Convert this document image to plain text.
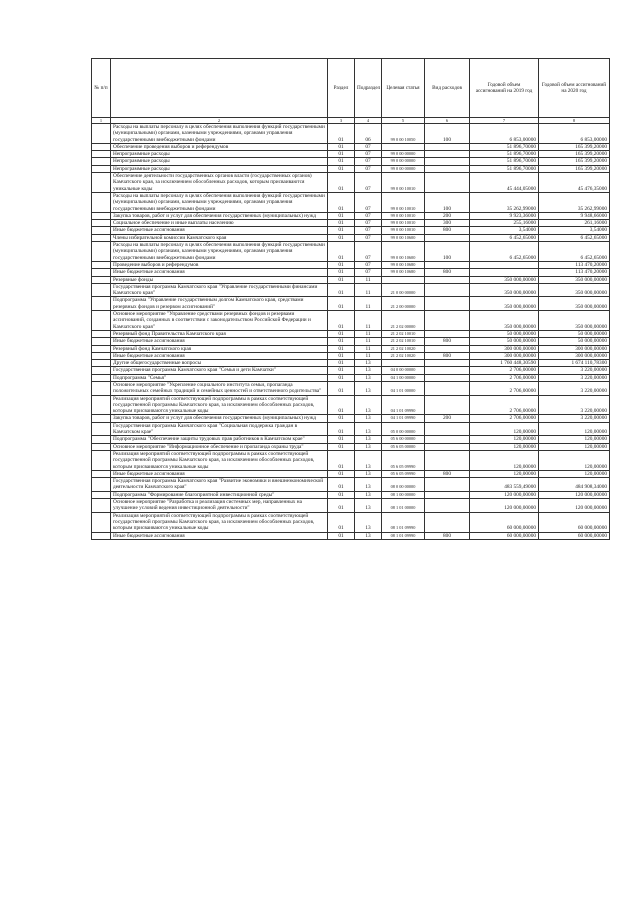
№ п/п		Раздел	Подраздел	Целевая статья	Вид расходов	Годовой объем ассигнований на 2019 год	Годовой объем ассигнований на 2020 год
1	2	3	4	5	6	7	8
	Расходы на выплаты персоналу в целях обеспечения выполнения функций государственными (муниципальными) органами, казенными учреждениями, органами управления государственными внебюджетными фондами	01	06	99 0 00 10050	100	6 853,00000	6 853,00000
	Обеспечение проведения выборов и референдумов	01	07			51 896,70000	165 399,20000
	Непрограммные расходы	01	07	99 0 00 00000		51 896,70000	165 399,20000
	Непрограммные расходы	01	07	99 0 00 00000		51 896,70000	165 399,20000
	Непрограммные расходы	01	07	99 0 00 00000		51 896,70000	165 399,20000
	Обеспечение деятельности государственных органов власти (государственных органов) Камчатского края, за исключением обособленных расходов, которым присваиваются уникальные коды	01	07	99 0 00 10010		45 444,05000	45 476,35000
	Расходы на выплаты персоналу в целях обеспечения выполнения функций государственными (муниципальными) органами, казенными учреждениями, органами управления государственными внебюджетными фондами	01	07	99 0 00 10010	100	35 262,99000	35 262,99000
	Закупка товаров, работ и услуг для обеспечения государственных (муниципальных) нужд	01	07	99 0 00 10010	200	9 923,36000	9 948,66000
	Социальное обеспечение и иные выплаты населению	01	07	99 0 00 10010	300	255,16000	261,16000
	Иные бюджетные ассигнования	01	07	99 0 00 10010	800	3,54000	3,54000
	Члены избирательной комиссии Камчатского края	01	07	99 0 00 10600		6 452,65000	6 452,65000
	Расходы на выплаты персоналу в целях обеспечения выполнения функций государственными (муниципальными) органами, казенными учреждениями, органами управления государственными внебюджетными фондами	01	07	99 0 00 10600	100	6 452,65000	6 452,65000
	Проведение выборов и референдумов	01	07	99 0 00 10680			113 470,20000
	Иные бюджетные ассигнования	01	07	99 0 00 10680	800		113 470,20000
	Резервные фонды	01	11			350 000,00000	350 000,00000
	Государственная программа Камчатского края "Управление государственными финансами Камчатского края"	01	11	21 0 00 00000		350 000,00000	350 000,00000
	Подпрограмма "Управление государственным долгом Камчатского края, средствами резервных фондов и резервом ассигнований"	01	11	21 2 00 00000		350 000,00000	350 000,00000
	Основное мероприятие "Управление средствами резервных фондов и резервами ассигнований, созданных в соответствии с законодательством Российской Федерации и Камчатского края"	01	11	21 2 02 00000		350 000,00000	350 000,00000
	Резервный фонд Правительства Камчатского края	01	11	21 2 02 10010		50 000,00000	50 000,00000
	Иные бюджетные ассигнования	01	11	21 2 02 10010	800	50 000,00000	50 000,00000
	Резервный фонд Камчатского края	01	11	21 2 02 10020		300 000,00000	300 000,00000
	Иные бюджетные ассигнования	01	11	21 2 02 10020	800	300 000,00000	300 000,00000
	Другие общегосударственные вопросы	01	13			1 760 448,30590	1 674 110,78300
	Государственная программа Камчатского края "Семья и дети Камчатки"	01	13	04 0 00 00000		2 706,00000	3 220,00000
	Подпрограмма "Семья"	01	13	04 1 00 00000		2 706,00000	3 220,00000
	Основное мероприятие "Укрепление социального института семьи, пропаганда положительных семейных традиций и семейных ценностей и ответственного родительства"	01	13	04 1 01 00000		2 706,00000	3 220,00000
	Реализация мероприятий соответствующей подпрограммы в рамках соответствующей государственной программы Камчатского края, за исключением обособленных расходов, которым присваиваются уникальные коды	01	13	04 1 01 09990		2 706,00000	3 220,00000
	Закупка товаров, работ и услуг для обеспечения государственных (муниципальных) нужд	01	13	04 1 01 09990	200	2 706,00000	3 220,00000
	Государственная программа Камчатского края "Социальная поддержка граждан в Камчатском крае"	01	13	05 0 00 00000		120,00000	120,00000
	Подпрограмма "Обеспечение защиты трудовых прав работников в Камчатском крае"	01	13	05 6 00 00000		120,00000	120,00000
	Основное мероприятие "Информационное обеспечение и пропаганда охраны труда"	01	13	05 6 05 00000		120,00000	120,00000
	Реализация мероприятий соответствующей подпрограммы в рамках соответствующей государственной программы Камчатского края, за исключением обособленных расходов, которым присваиваются уникальные коды	01	13	05 6 05 09990		120,00000	120,00000
	Иные бюджетные ассигнования	01	13	05 6 05 09990	800	120,00000	120,00000
	Государственная программа Камчатского края "Развитие экономики и внешнеэкономической деятельности Камчатского края"	01	13	08 0 00 00000		483 559,49000	484 908,34000
	Подпрограмма "Формирование благоприятной инвестиционной среды"	01	13	08 1 00 00000		120 000,00000	120 000,00000
	Основное мероприятие "Разработка и реализация системных мер, направленных на улучшение условий ведения инвестиционной деятельности"	01	13	08 1 01 00000		120 000,00000	120 000,00000
	Реализация мероприятий соответствующей подпрограммы в рамках соответствующей государственной программы Камчатского края, за исключением обособленных расходов, которым присваиваются уникальные коды	01	13	08 1 01 09990		60 000,00000	60 000,00000
	Иные бюджетные ассигнования	01	13	08 1 01 09990	800	60 000,00000	60 000,00000
